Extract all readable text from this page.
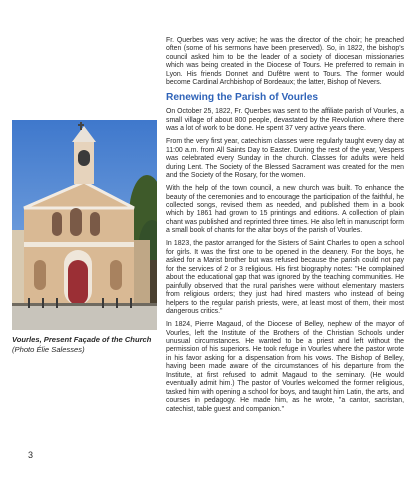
Vourles, Present Façade of the Church
(Photo Élie Salesses)
3

Fr. Querbes was very active; he was the director of the choir; he preached often (some of his sermons have been preserved). So, in 1822, the bishop's council asked him to be the leader of a society of diocesan missionaries which was being created in the Diocese of Tours. He preferred to remain in Lyon. His friends Donnet and Dufêtre went to Tours. The former would become Cardinal Archbishop of Bordeaux; the latter, Bishop of Nevers.

Renewing the Parish of Vourles

On October 25, 1822, Fr. Querbes was sent to the affiliate parish of Vourles, a small village of about 800 people, devastated by the Revolution where there was a lot of work to be done. He spent 37 very active years there.

From the very first year, catechism classes were regularly taught every day at 11:00 a.m. from All Saints Day to Easter. During the rest of the year, Vespers was celebrated every Sunday in the church. Classes for adults were held during Lent. The Society of the Blessed Sacrament was created for the men and the Society of the Rosary, for the women.

With the help of the town council, a new church was built. To enhance the beauty of the ceremonies and to encourage the participation of the faithful, he collected songs, revised them as needed, and published them in a book which by 1861 had grown to 15 printings and editions. A collection of plain chant was published and reprinted three times. He also left in manuscript form a small book of chants for the altar boys of the parish of Vourles.

In 1823, the pastor arranged for the Sisters of Saint Charles to open a school for girls. It was the first one to be opened in the deanery. For the boys, he asked for a Marist brother but was refused because the parish could not pay for the services of 2 or 3 religious. His first biography notes: "He complained about the educational gap that was ignored by the teaching communities. He painfully observed that the rural parishes were without elementary masters from religious orders; they just had hired masters who instead of being helpers to the regular parish priests, were, at least most of them, their most dangerous critics."

In 1824, Pierre Magaud, of the Diocese of Belley, nephew of the mayor of Vourles, left the Institute of the Brothers of the Christian Schools under unusual circumstances. He wanted to be a priest and left without the permission of his superiors. He took refuge in Vourles where the pastor wrote in his favor asking for a dispensation from his vows. The Bishop of Belley, having been made aware of the circumstances of his departure from the Institute, at first refused to admit Magaud to the seminary. (He would eventually admit him.) The pastor of Vourles welcomed the former religious, tasked him with opening a school for boys, and taught him Latin, the arts, and courses in pedagogy. He made him, as he wrote, "a cantor, sacristan, catechist, table guest and companion."
